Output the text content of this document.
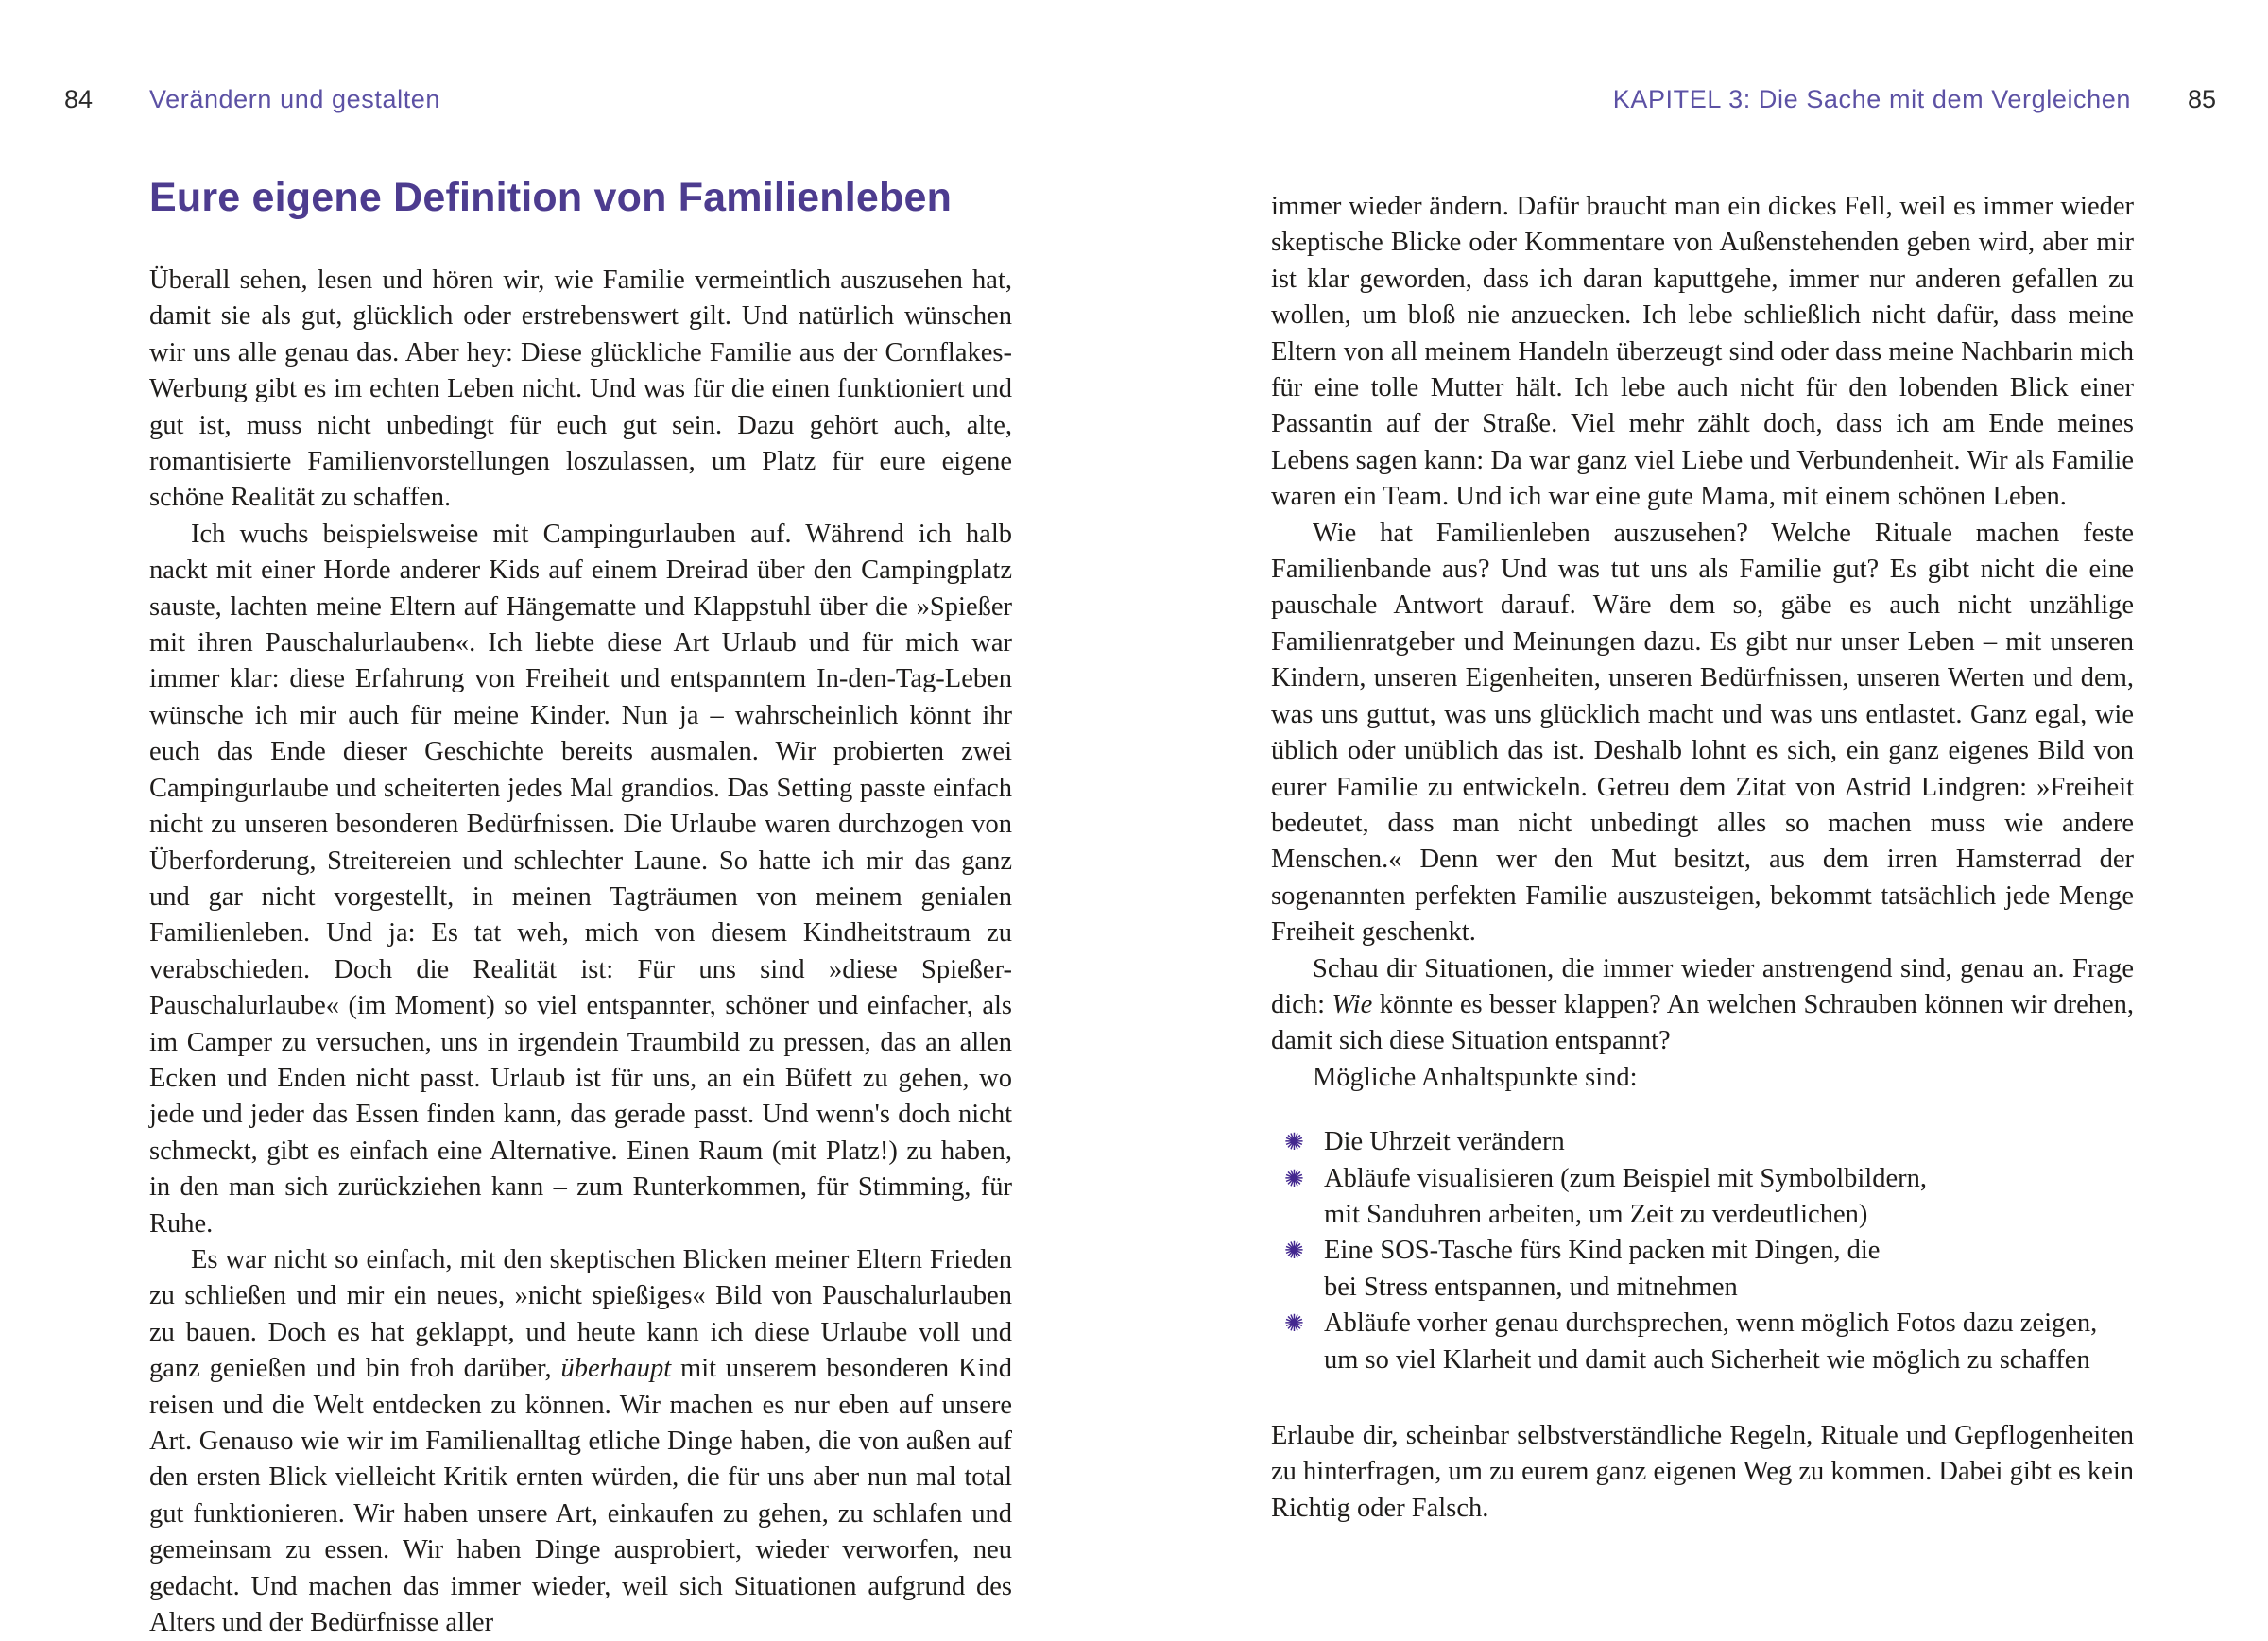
84 Verändern und gestalten
Eure eigene Definition von Familienleben

Überall sehen, lesen und hören wir, wie Familie vermeintlich auszusehen hat, damit sie als gut, glücklich oder erstrebenswert gilt. Und natürlich wünschen wir uns alle genau das. Aber hey: Diese glückliche Familie aus der Cornflakes-Werbung gibt es im echten Leben nicht. Und was für die einen funktioniert und gut ist, muss nicht unbedingt für euch gut sein. Dazu gehört auch, alte, romantisierte Familienvorstellungen loszulassen, um Platz für eure eigene schöne Realität zu schaffen.

Ich wuchs beispielsweise mit Campingurlauben auf. Während ich halb nackt mit einer Horde anderer Kids auf einem Dreirad über den Campingplatz sauste, lachten meine Eltern auf Hängematte und Klappstuhl über die »Spießer mit ihren Pauschalurlauben«. Ich liebte diese Art Urlaub und für mich war immer klar: diese Erfahrung von Freiheit und entspanntem In-den-Tag-Leben wünsche ich mir auch für meine Kinder. Nun ja – wahrscheinlich könnt ihr euch das Ende dieser Geschichte bereits ausmalen. Wir probierten zwei Campingurlaube und scheiterten jedes Mal grandios. Das Setting passte einfach nicht zu unseren besonderen Bedürfnissen. Die Urlaube waren durchzogen von Überforderung, Streitereien und schlechter Laune. So hatte ich mir das ganz und gar nicht vorgestellt, in meinen Tagträumen von meinem genialen Familienleben. Und ja: Es tat weh, mich von diesem Kindheitstraum zu verabschieden. Doch die Realität ist: Für uns sind »diese Spießer-Pauschalurlaube« (im Moment) so viel entspannter, schöner und einfacher, als im Camper zu versuchen, uns in irgendein Traumbild zu pressen, das an allen Ecken und Enden nicht passt. Urlaub ist für uns, an ein Büfett zu gehen, wo jede und jeder das Essen finden kann, das gerade passt. Und wenn's doch nicht schmeckt, gibt es einfach eine Alternative. Einen Raum (mit Platz!) zu haben, in den man sich zurückziehen kann – zum Runterkommen, für Stimming, für Ruhe.

Es war nicht so einfach, mit den skeptischen Blicken meiner Eltern Frieden zu schließen und mir ein neues, »nicht spießiges« Bild von Pauschalurlauben zu bauen. Doch es hat geklappt, und heute kann ich diese Urlaube voll und ganz genießen und bin froh darüber, überhaupt mit unserem besonderen Kind reisen und die Welt entdecken zu können. Wir machen es nur eben auf unsere Art. Genauso wie wir im Familienalltag etliche Dinge haben, die von außen auf den ersten Blick vielleicht Kritik ernten würden, die für uns aber nun mal total gut funktionieren. Wir haben unsere Art, einkaufen zu gehen, zu schlafen und gemeinsam zu essen. Wir haben Dinge ausprobiert, wieder verworfen, neu gedacht. Und machen das immer wieder, weil sich Situationen aufgrund des Alters und der Bedürfnisse aller

KAPITEL 3: Die Sache mit dem Vergleichen 85

immer wieder ändern. Dafür braucht man ein dickes Fell, weil es immer wieder skeptische Blicke oder Kommentare von Außenstehenden geben wird, aber mir ist klar geworden, dass ich daran kaputtgehe, immer nur anderen gefallen zu wollen, um bloß nie anzuecken. Ich lebe schließlich nicht dafür, dass meine Eltern von all meinem Handeln überzeugt sind oder dass meine Nachbarin mich für eine tolle Mutter hält. Ich lebe auch nicht für den lobenden Blick einer Passantin auf der Straße. Viel mehr zählt doch, dass ich am Ende meines Lebens sagen kann: Da war ganz viel Liebe und Verbundenheit. Wir als Familie waren ein Team. Und ich war eine gute Mama, mit einem schönen Leben.

Wie hat Familienleben auszusehen? Welche Rituale machen feste Familienbande aus? Und was tut uns als Familie gut? Es gibt nicht die eine pauschale Antwort darauf. Wäre dem so, gäbe es auch nicht unzählige Familienratgeber und Meinungen dazu. Es gibt nur unser Leben – mit unseren Kindern, unseren Eigenheiten, unseren Bedürfnissen, unseren Werten und dem, was uns guttut, was uns glücklich macht und was uns entlastet. Ganz egal, wie üblich oder unüblich das ist. Deshalb lohnt es sich, ein ganz eigenes Bild von eurer Familie zu entwickeln. Getreu dem Zitat von Astrid Lindgren: »Freiheit bedeutet, dass man nicht unbedingt alles so machen muss wie andere Menschen.« Denn wer den Mut besitzt, aus dem irren Hamsterrad der sogenannten perfekten Familie auszusteigen, bekommt tatsächlich jede Menge Freiheit geschenkt.

Schau dir Situationen, die immer wieder anstrengend sind, genau an. Frage dich: Wie könnte es besser klappen? An welchen Schrauben können wir drehen, damit sich diese Situation entspannt?

Mögliche Anhaltspunkte sind:

✺ Die Uhrzeit verändern
✺ Abläufe visualisieren (zum Beispiel mit Symbolbildern,
mit Sanduhren arbeiten, um Zeit zu verdeutlichen)
✺ Eine SOS-Tasche fürs Kind packen mit Dingen, die
bei Stress entspannen, und mitnehmen
✺ Abläufe vorher genau durchsprechen, wenn möglich Fotos dazu zeigen,
um so viel Klarheit und damit auch Sicherheit wie möglich zu schaffen

Erlaube dir, scheinbar selbstverständliche Regeln, Rituale und Gepflogenheiten zu hinterfragen, um zu eurem ganz eigenen Weg zu kommen. Dabei gibt es kein Richtig oder Falsch.
